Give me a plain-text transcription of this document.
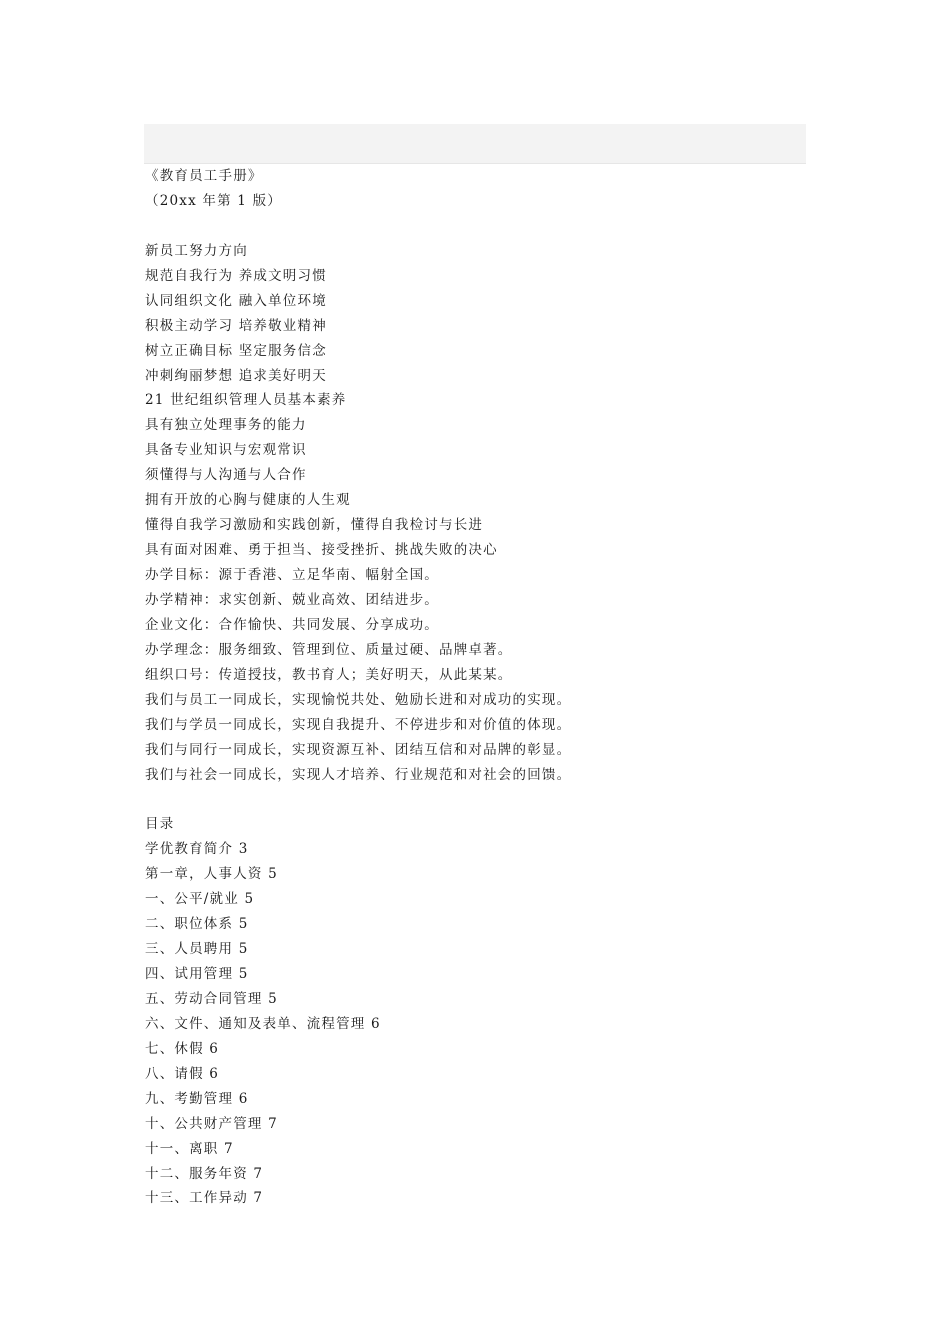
《教育员工手册》
（20xx 年第 1 版）
新员工努力方向
规范自我行为 养成文明习惯
认同组织文化 融入单位环境
积极主动学习 培养敬业精神
树立正确目标 坚定服务信念
冲刺绚丽梦想 追求美好明天
21 世纪组织管理人员基本素养
具有独立处理事务的能力
具备专业知识与宏观常识
须懂得与人沟通与人合作
拥有开放的心胸与健康的人生观
懂得自我学习激励和实践创新，懂得自我检讨与长进
具有面对困难、勇于担当、接受挫折、挑战失败的决心
办学目标：源于香港、立足华南、幅射全国。
办学精神：求实创新、兢业高效、团结进步。
企业文化：合作愉快、共同发展、分享成功。
办学理念：服务细致、管理到位、质量过硬、品牌卓著。
组织口号：传道授技，教书育人；美好明天，从此某某。
我们与员工一同成长，实现愉悦共处、勉励长进和对成功的实现。
我们与学员一同成长，实现自我提升、不停进步和对价值的体现。
我们与同行一同成长，实现资源互补、团结互信和对品牌的彰显。
我们与社会一同成长，实现人才培养、行业规范和对社会的回馈。
目录
学优教育简介 3
第一章，人事人资 5
一、公平/就业 5
二、职位体系 5
三、人员聘用 5
四、试用管理 5
五、劳动合同管理 5
六、文件、通知及表单、流程管理 6
七、休假 6
八、请假 6
九、考勤管理 6
十、公共财产管理 7
十一、离职 7
十二、服务年资 7
十三、工作异动 7
